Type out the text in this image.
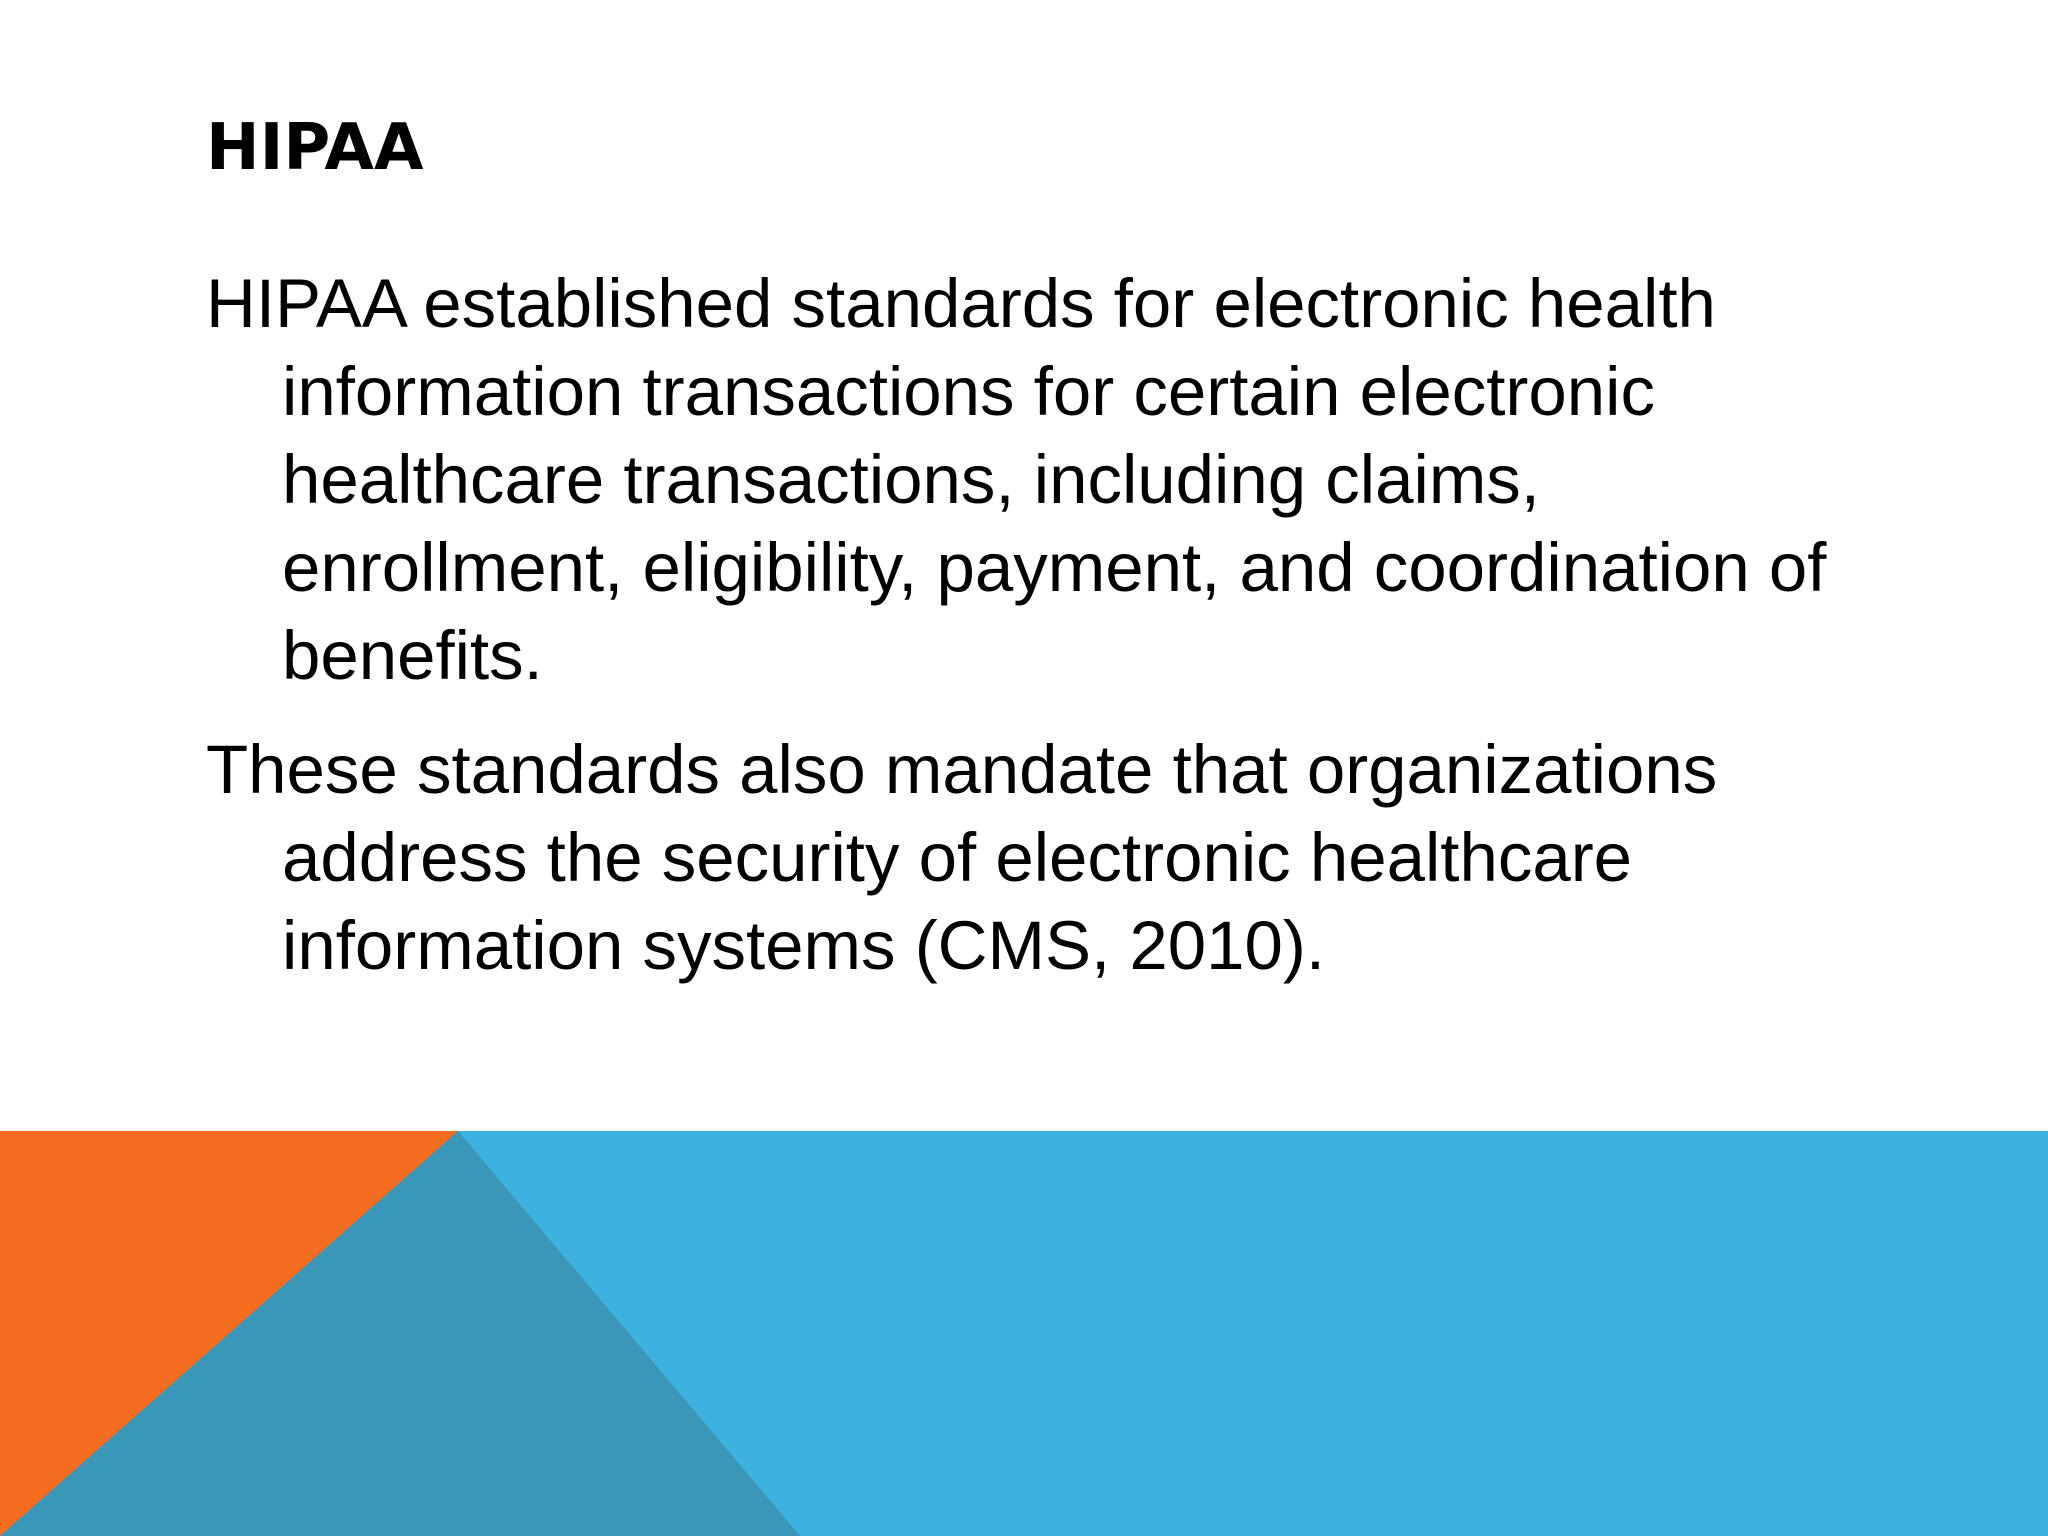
HIPAA
HIPAA established standards for electronic health information transactions for certain electronic healthcare transactions, including claims, enrollment, eligibility, payment, and coordination of benefits.
These standards also mandate that organizations address the security of electronic healthcare information systems (CMS, 2010).
